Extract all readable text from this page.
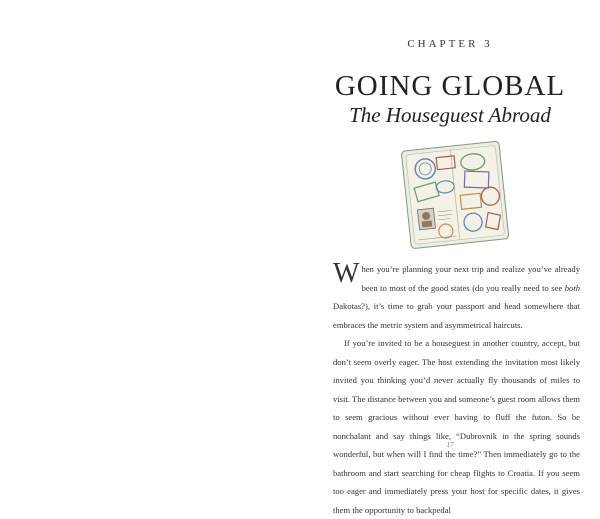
CHAPTER 3
GOING GLOBAL
The Houseguest Abroad

When you’re planning your next trip and realize you’ve already been to most of the good states (do you really need to see both Dakotas?), it’s time to grab your passport and head somewhere that embraces the metric system and asymmetrical haircuts.

If you’re invited to be a houseguest in another country, accept, but don’t seem overly eager. The host extending the invitation most likely invited you thinking you’d never actually fly thousands of miles to visit. The distance between you and someone’s guest room allows them to seem gracious without ever having to fluff the futon. So be nonchalant and say things like, “Dubrovnik in the spring sounds wonderful, but when will I find the time?” Then immediately go to the bathroom and start searching for cheap flights to Croatia. If you seem too eager and immediately press your host for specific dates, it gives them the opportunity to backpedal

17
